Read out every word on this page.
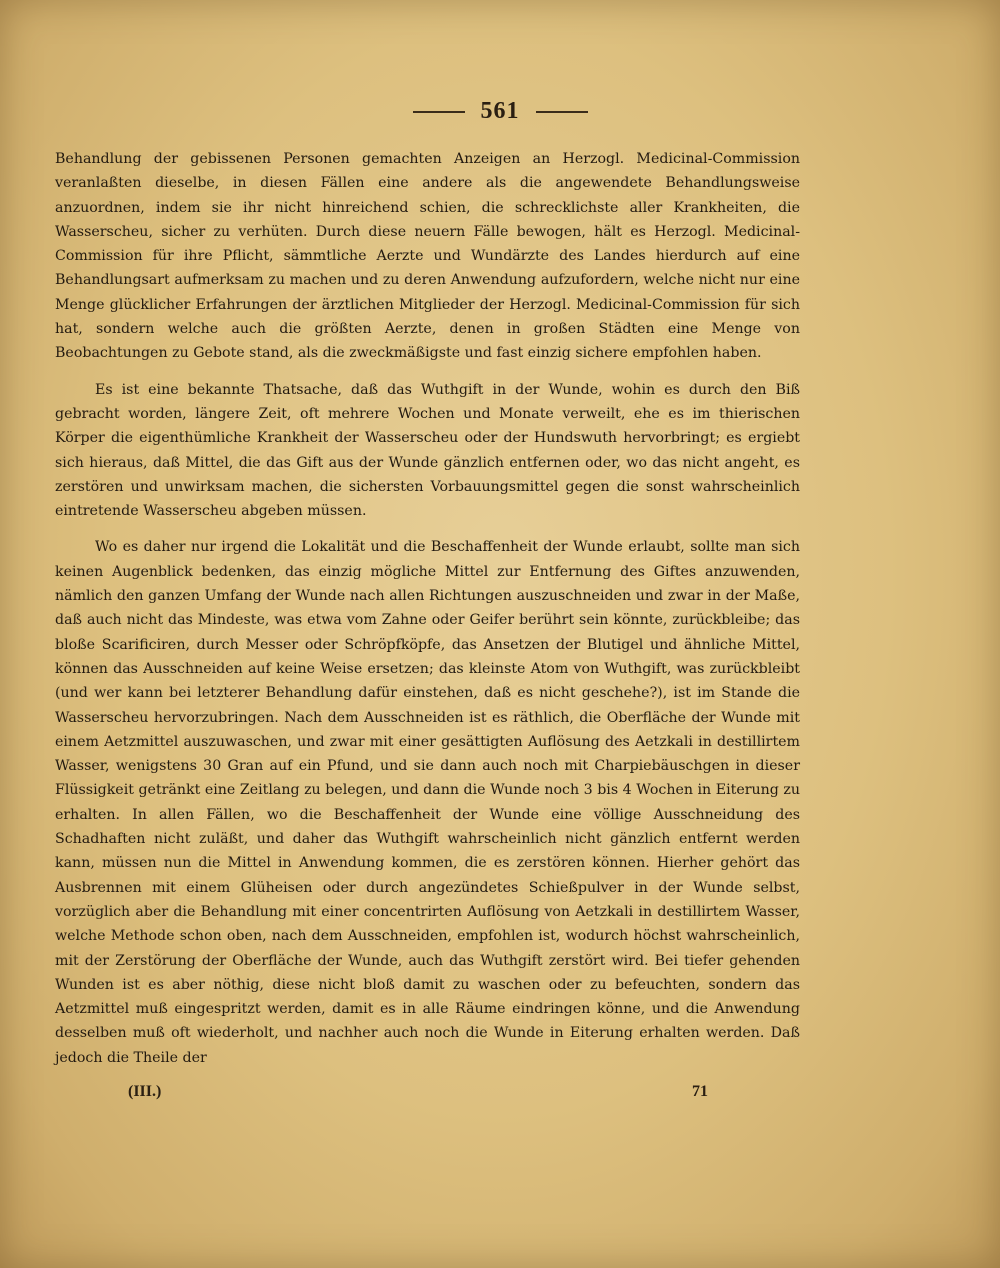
561

Behandlung der gebissenen Personen gemachten Anzeigen an Herzogl. Medicinal-Commission veranlaßten dieselbe, in diesen Fällen eine andere als die angewendete Behandlungsweise anzuordnen, indem sie ihr nicht hinreichend schien, die schrecklichste aller Krankheiten, die Wasserscheu, sicher zu verhüten. Durch diese neuern Fälle bewogen, hält es Herzogl. Medicinal-Commission für ihre Pflicht, sämmtliche Aerzte und Wundärzte des Landes hierdurch auf eine Behandlungsart aufmerksam zu machen und zu deren Anwendung aufzufordern, welche nicht nur eine Menge glücklicher Erfahrungen der ärztlichen Mitglieder der Herzogl. Medicinal-Commission für sich hat, sondern welche auch die größten Aerzte, denen in großen Städten eine Menge von Beobachtungen zu Gebote stand, als die zweckmäßigste und fast einzig sichere empfohlen haben.

Es ist eine bekannte Thatsache, daß das Wuthgift in der Wunde, wohin es durch den Biß gebracht worden, längere Zeit, oft mehrere Wochen und Monate verweilt, ehe es im thierischen Körper die eigenthümliche Krankheit der Wasserscheu oder der Hundswuth hervorbringt; es ergiebt sich hieraus, daß Mittel, die das Gift aus der Wunde gänzlich entfernen oder, wo das nicht angeht, es zerstören und unwirksam machen, die sichersten Vorbauungsmittel gegen die sonst wahrscheinlich eintretende Wasserscheu abgeben müssen.

Wo es daher nur irgend die Lokalität und die Beschaffenheit der Wunde erlaubt, sollte man sich keinen Augenblick bedenken, das einzig mögliche Mittel zur Entfernung des Giftes anzuwenden, nämlich den ganzen Umfang der Wunde nach allen Richtungen auszuschneiden und zwar in der Maße, daß auch nicht das Mindeste, was etwa vom Zahne oder Geifer berührt sein könnte, zurückbleibe; das bloße Scarificiren, durch Messer oder Schröpfköpfe, das Ansetzen der Blutigel und ähnliche Mittel, können das Ausschneiden auf keine Weise ersetzen; das kleinste Atom von Wuthgift, was zurückbleibt (und wer kann bei letzterer Behandlung dafür einstehen, daß es nicht geschehe?), ist im Stande die Wasserscheu hervorzubringen. Nach dem Ausschneiden ist es räthlich, die Oberfläche der Wunde mit einem Aetzmittel auszuwaschen, und zwar mit einer gesättigten Auflösung des Aetzkali in destillirtem Wasser, wenigstens 30 Gran auf ein Pfund, und sie dann auch noch mit Charpiebäuschgen in dieser Flüssigkeit getränkt eine Zeitlang zu belegen, und dann die Wunde noch 3 bis 4 Wochen in Eiterung zu erhalten. In allen Fällen, wo die Beschaffenheit der Wunde eine völlige Ausschneidung des Schadhaften nicht zuläßt, und daher das Wuthgift wahrscheinlich nicht gänzlich entfernt werden kann, müssen nun die Mittel in Anwendung kommen, die es zerstören können. Hierher gehört das Ausbrennen mit einem Glüheisen oder durch angezündetes Schießpulver in der Wunde selbst, vorzüglich aber die Behandlung mit einer concentrirten Auflösung von Aetzkali in destillirtem Wasser, welche Methode schon oben, nach dem Ausschneiden, empfohlen ist, wodurch höchst wahrscheinlich, mit der Zerstörung der Oberfläche der Wunde, auch das Wuthgift zerstört wird. Bei tiefer gehenden Wunden ist es aber nöthig, diese nicht bloß damit zu waschen oder zu befeuchten, sondern das Aetzmittel muß eingespritzt werden, damit es in alle Räume eindringen könne, und die Anwendung desselben muß oft wiederholt, und nachher auch noch die Wunde in Eiterung erhalten werden. Daß jedoch die Theile der

(III.)	71
